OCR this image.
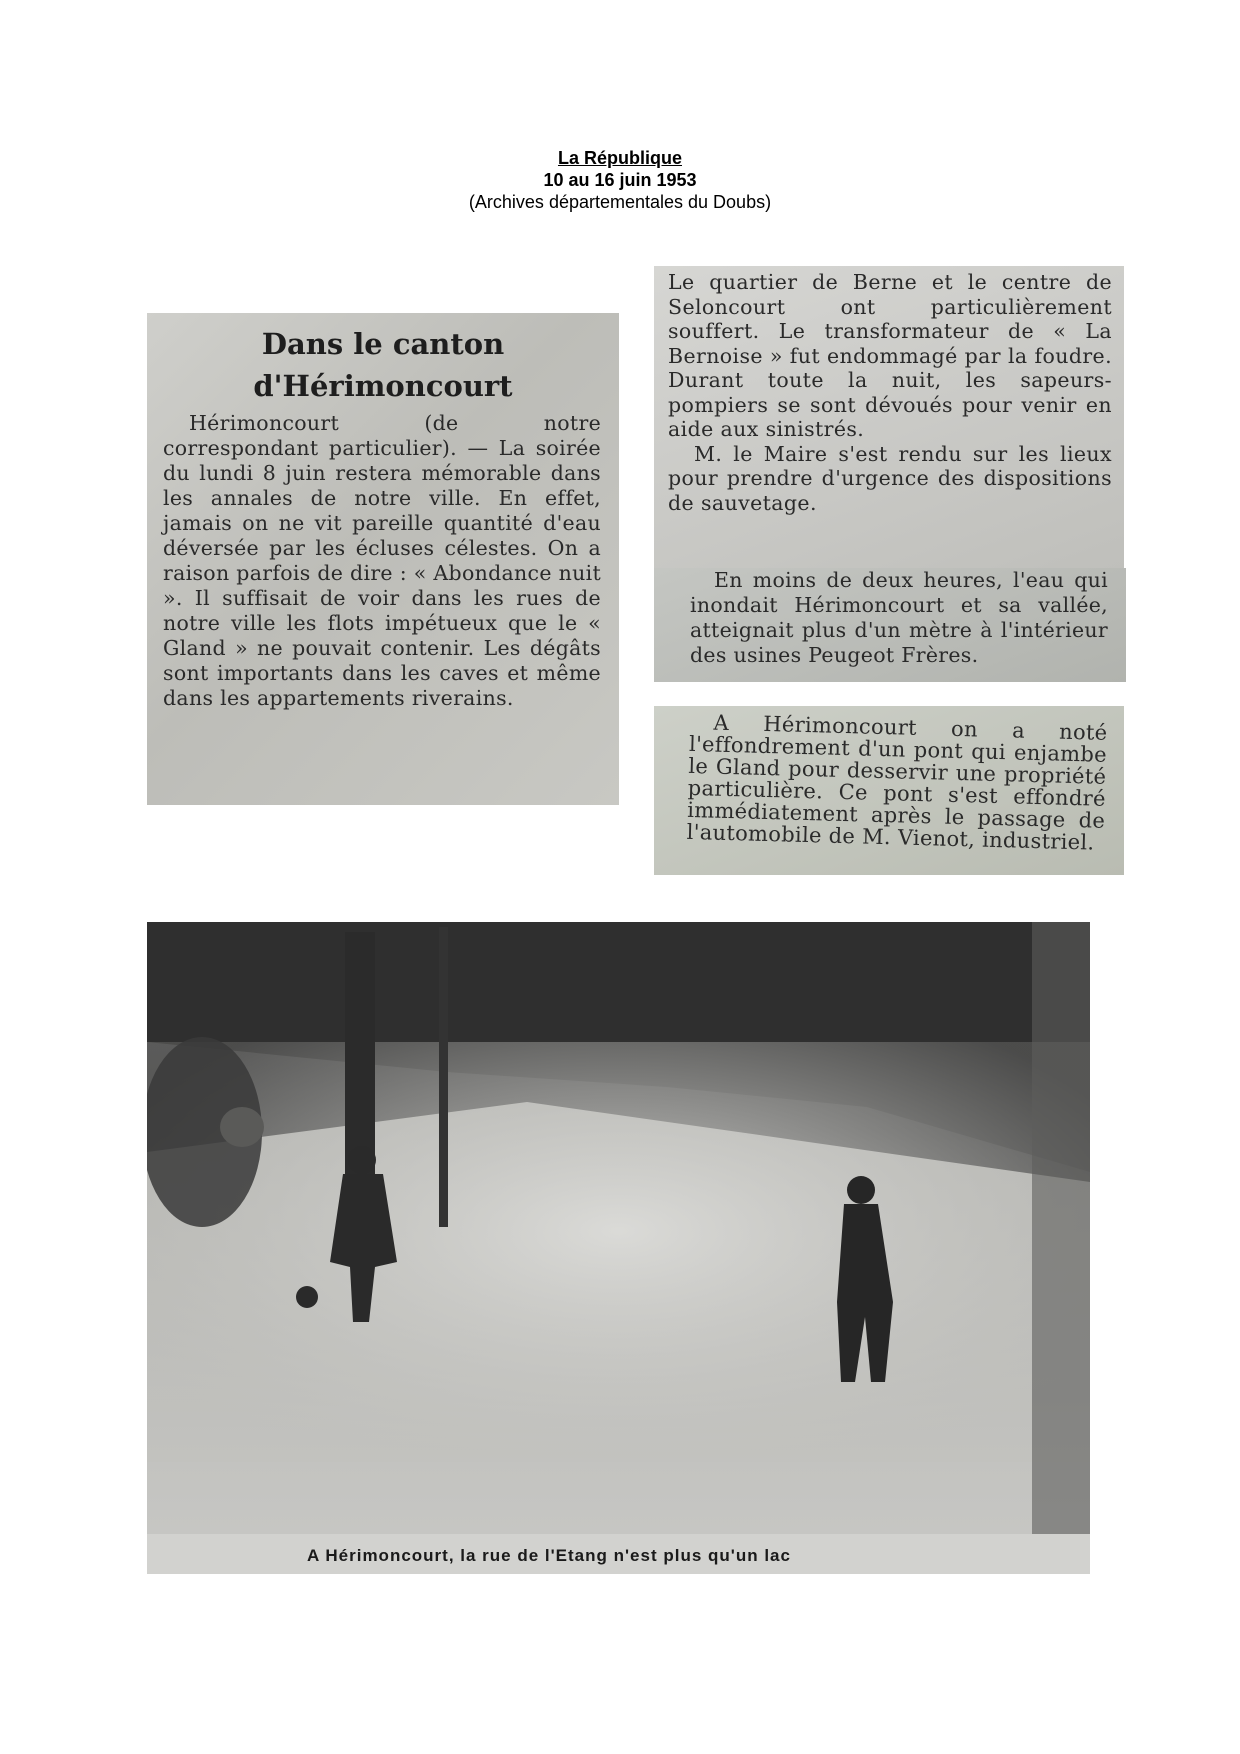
La République
10 au 16 juin 1953
(Archives départementales du Doubs)
Dans le canton
d'Hérimoncourt

Hérimoncourt (de notre correspondant particulier). — La soirée du lundi 8 juin restera mémorable dans les annales de notre ville. En effet, jamais on ne vit pareille quantité d'eau déversée par les écluses célestes. On a raison parfois de dire : « Abondance nuit ». Il suffisait de voir dans les rues de notre ville les flots impétueux que le « Gland » ne pouvait contenir. Les dégâts sont importants dans les caves et même dans les appartements riverains.

Le quartier de Berne et le centre de Seloncourt ont particulièrement souffert. Le transformateur de « La Bernoise » fut endommagé par la foudre. Durant toute la nuit, les sapeurs-pompiers se sont dévoués pour venir en aide aux sinistrés.

M. le Maire s'est rendu sur les lieux pour prendre d'urgence des dispositions de sauvetage.

En moins de deux heures, l'eau qui inondait Hérimoncourt et sa vallée, atteignait plus d'un mètre à l'intérieur des usines Peugeot Frères.

A Hérimoncourt on a noté l'effondrement d'un pont qui enjambe le Gland pour desservir une propriété particulière. Ce pont s'est effondré immédiatement après le passage de l'automobile de M. Vienot, industriel.

A Hérimoncourt, la rue de l'Etang n'est plus qu'un lac
